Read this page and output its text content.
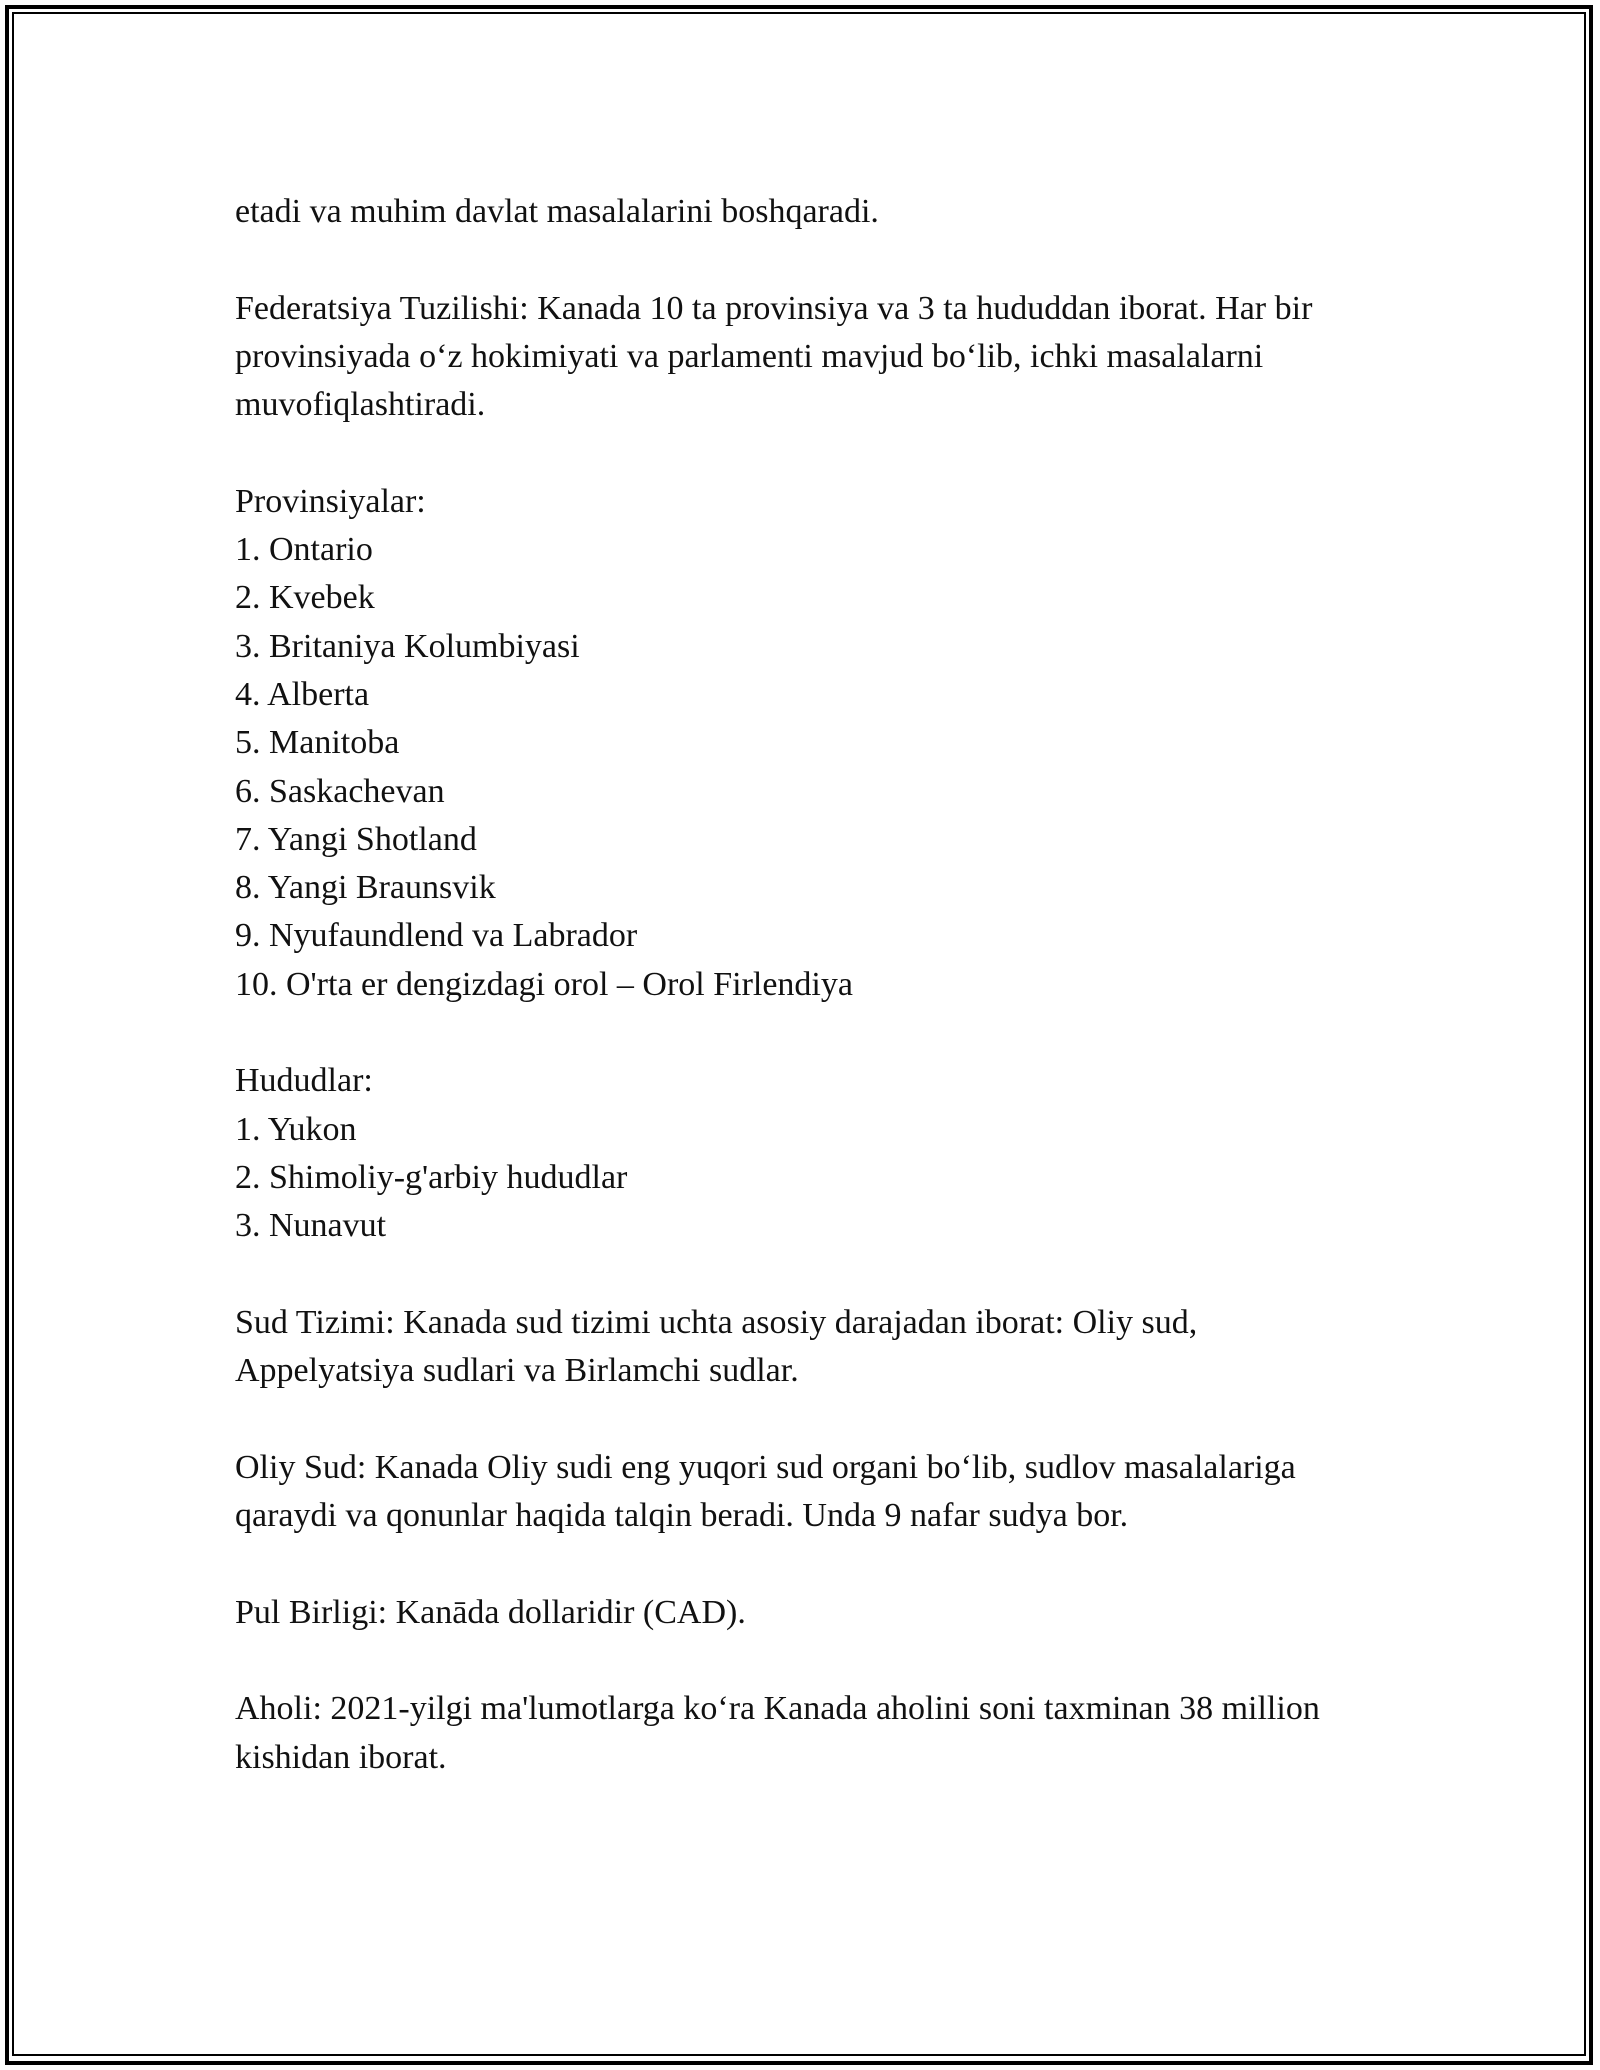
etadi va muhim davlat masalalarini boshqaradi.

Federatsiya Tuzilishi: Kanada 10 ta provinsiya va 3 ta hududdan iborat. Har bir provinsiyada o‘z hokimiyati va parlamenti mavjud bo‘lib, ichki masalalarni muvofiqlashtiradi.

Provinsiyalar:
1. Ontario
2. Kvebek
3. Britaniya Kolumbiyasi
4. Alberta
5. Manitoba
6. Saskachevan
7. Yangi Shotland
8. Yangi Braunsvik
9. Nyufaundlend va Labrador
10. O'rta er dengizdagi orol – Orol Firlendiya
Hududlar:
1. Yukon
2. Shimoliy-g'arbiy hududlar
3. Nunavut

Sud Tizimi: Kanada sud tizimi uchta asosiy darajadan iborat: Oliy sud, Appelyatsiya sudlari va Birlamchi sudlar.

Oliy Sud: Kanada Oliy sudi eng yuqori sud organi bo‘lib, sudlov masalalariga qaraydi va qonunlar haqida talqin beradi. Unda 9 nafar sudya bor.

Pul Birligi: Kanāda dollaridir (CAD).

Aholi: 2021-yilgi ma'lumotlarga ko‘ra Kanada aholini soni taxminan 38 million kishidan iborat.
